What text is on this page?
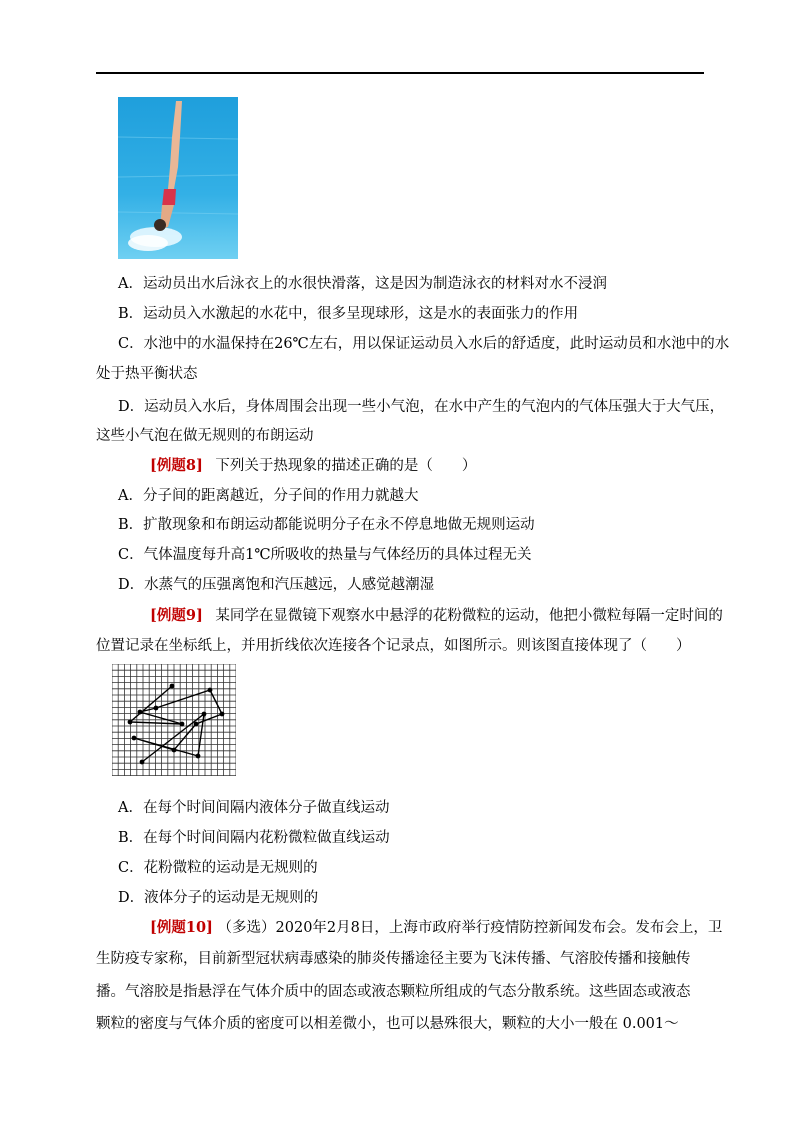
A．运动员出水后泳衣上的水很快滑落，这是因为制造泳衣的材料对水不浸润
B．运动员入水激起的水花中，很多呈现球形，这是水的表面张力的作用
C．水池中的水温保持在26℃左右，用以保证运动员入水后的舒适度，此时运动员和水池中的水
处于热平衡状态
D．运动员入水后，身体周围会出现一些小气泡，在水中产生的气泡内的气体压强大于大气压，
这些小气泡在做无规则的布朗运动
[例题8] 下列关于热现象的描述正确的是（　　）
A．分子间的距离越近，分子间的作用力就越大
B．扩散现象和布朗运动都能说明分子在永不停息地做无规则运动
C．气体温度每升高1℃所吸收的热量与气体经历的具体过程无关
D．水蒸气的压强离饱和汽压越远，人感觉越潮湿
[例题9] 某同学在显微镜下观察水中悬浮的花粉微粒的运动，他把小微粒每隔一定时间的
位置记录在坐标纸上，并用折线依次连接各个记录点，如图所示。则该图直接体现了（　　）
A．在每个时间间隔内液体分子做直线运动
B．在每个时间间隔内花粉微粒做直线运动
C．花粉微粒的运动是无规则的
D．液体分子的运动是无规则的
[例题10] （多选）2020年2月8日，上海市政府举行疫情防控新闻发布会。发布会上，卫
生防疫专家称，目前新型冠状病毒感染的肺炎传播途径主要为飞沫传播、气溶胶传播和接触传
播。气溶胶是指悬浮在气体介质中的固态或液态颗粒所组成的气态分散系统。这些固态或液态
颗粒的密度与气体介质的密度可以相差微小，也可以悬殊很大，颗粒的大小一般在 0.001～
